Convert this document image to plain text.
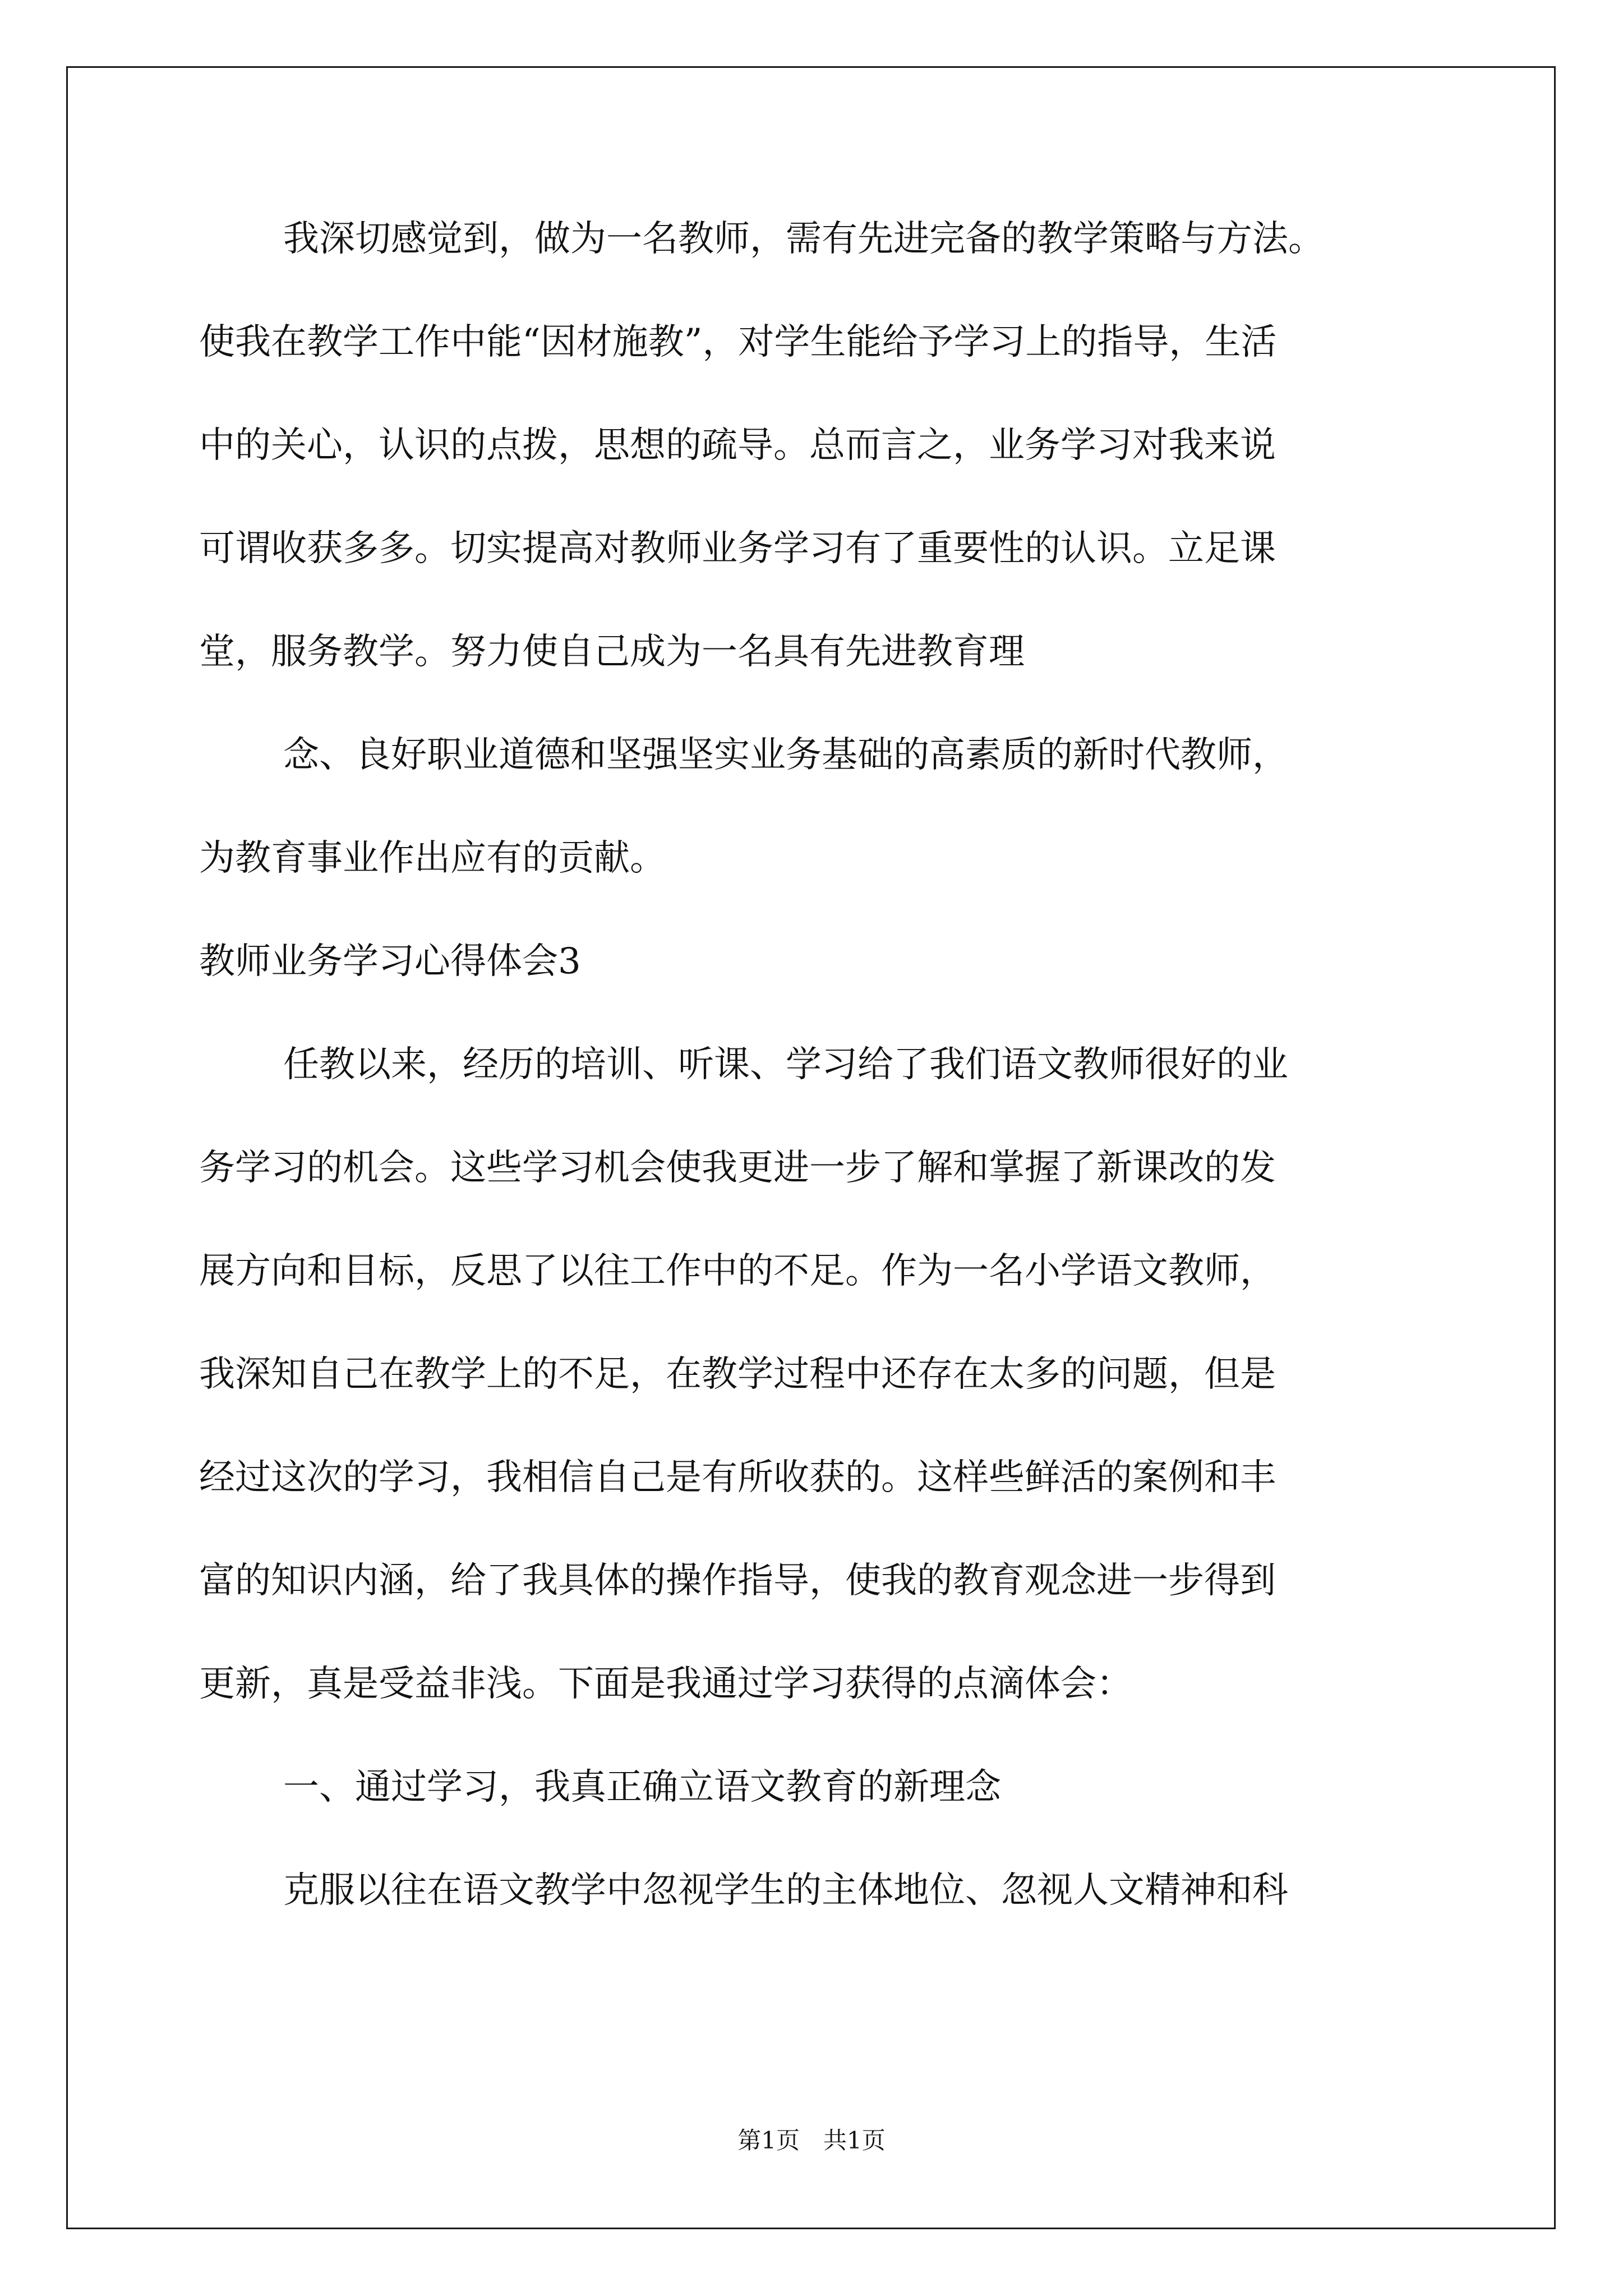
我深切感觉到，做为一名教师，需有先进完备的教学策略与方法。

使我在教学工作中能“因材施教”，对学生能给予学习上的指导，生活

中的关心，认识的点拨，思想的疏导。总而言之，业务学习对我来说

可谓收获多多。切实提高对教师业务学习有了重要性的认识。立足课

堂，服务教学。努力使自己成为一名具有先进教育理

念、良好职业道德和坚强坚实业务基础的高素质的新时代教师，

为教育事业作出应有的贡献。

教师业务学习心得体会3

任教以来，经历的培训、听课、学习给了我们语文教师很好的业

务学习的机会。这些学习机会使我更进一步了解和掌握了新课改的发

展方向和目标，反思了以往工作中的不足。作为一名小学语文教师，

我深知自己在教学上的不足，在教学过程中还存在太多的问题，但是

经过这次的学习，我相信自己是有所收获的。这样些鲜活的案例和丰

富的知识内涵，给了我具体的操作指导，使我的教育观念进一步得到

更新，真是受益非浅。下面是我通过学习获得的点滴体会：

一、通过学习，我真正确立语文教育的新理念

克服以往在语文教学中忽视学生的主体地位、忽视人文精神和科

第1页　共1页
